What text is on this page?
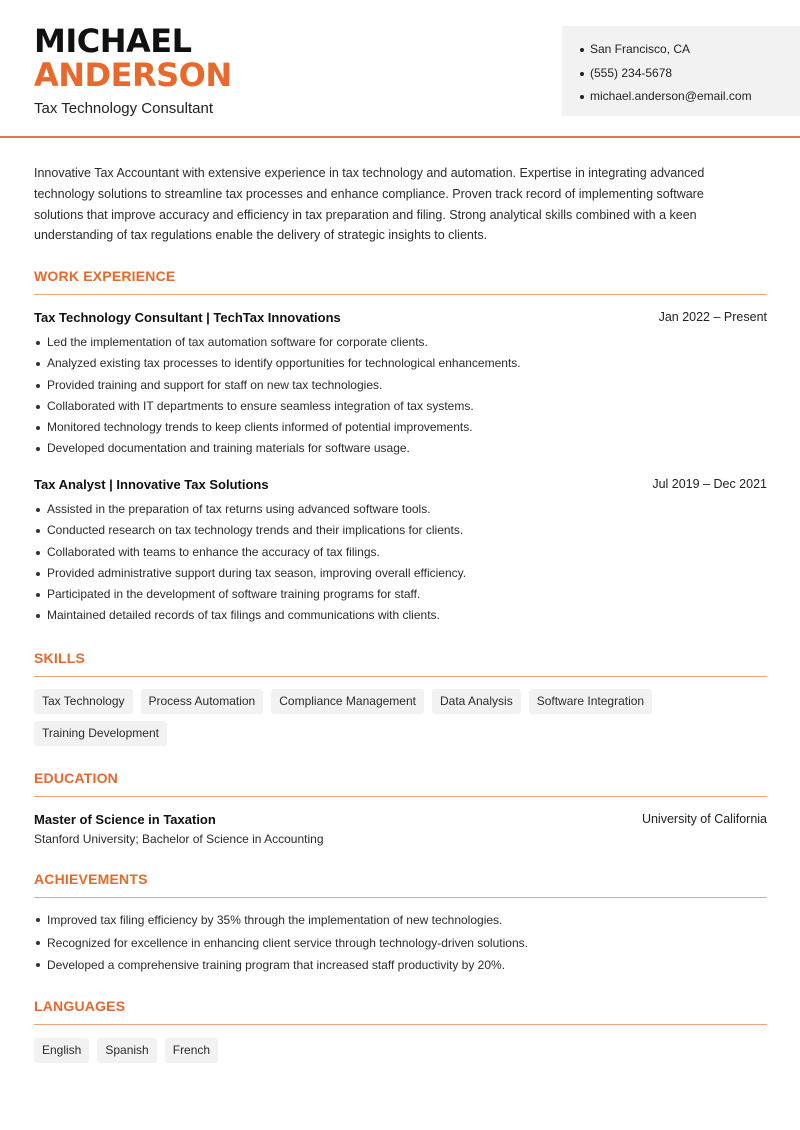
MICHAEL
ANDERSON
Tax Technology Consultant
San Francisco, CA
(555) 234-5678
michael.anderson@email.com

Innovative Tax Accountant with extensive experience in tax technology and automation. Expertise in integrating advanced technology solutions to streamline tax processes and enhance compliance. Proven track record of implementing software solutions that improve accuracy and efficiency in tax preparation and filing. Strong analytical skills combined with a keen understanding of tax regulations enable the delivery of strategic insights to clients.

WORK EXPERIENCE
Tax Technology Consultant | TechTax Innovations	Jan 2022 – Present
Led the implementation of tax automation software for corporate clients.
Analyzed existing tax processes to identify opportunities for technological enhancements.
Provided training and support for staff on new tax technologies.
Collaborated with IT departments to ensure seamless integration of tax systems.
Monitored technology trends to keep clients informed of potential improvements.
Developed documentation and training materials for software usage.
Tax Analyst | Innovative Tax Solutions	Jul 2019 – Dec 2021
Assisted in the preparation of tax returns using advanced software tools.
Conducted research on tax technology trends and their implications for clients.
Collaborated with teams to enhance the accuracy of tax filings.
Provided administrative support during tax season, improving overall efficiency.
Participated in the development of software training programs for staff.
Maintained detailed records of tax filings and communications with clients.
SKILLS
Tax Technology	Process Automation	Compliance Management	Data Analysis	Software Integration
Training Development
EDUCATION
Master of Science in Taxation	University of California
Stanford University; Bachelor of Science in Accounting
ACHIEVEMENTS
Improved tax filing efficiency by 35% through the implementation of new technologies.
Recognized for excellence in enhancing client service through technology-driven solutions.
Developed a comprehensive training program that increased staff productivity by 20%.
LANGUAGES
English	Spanish	French
